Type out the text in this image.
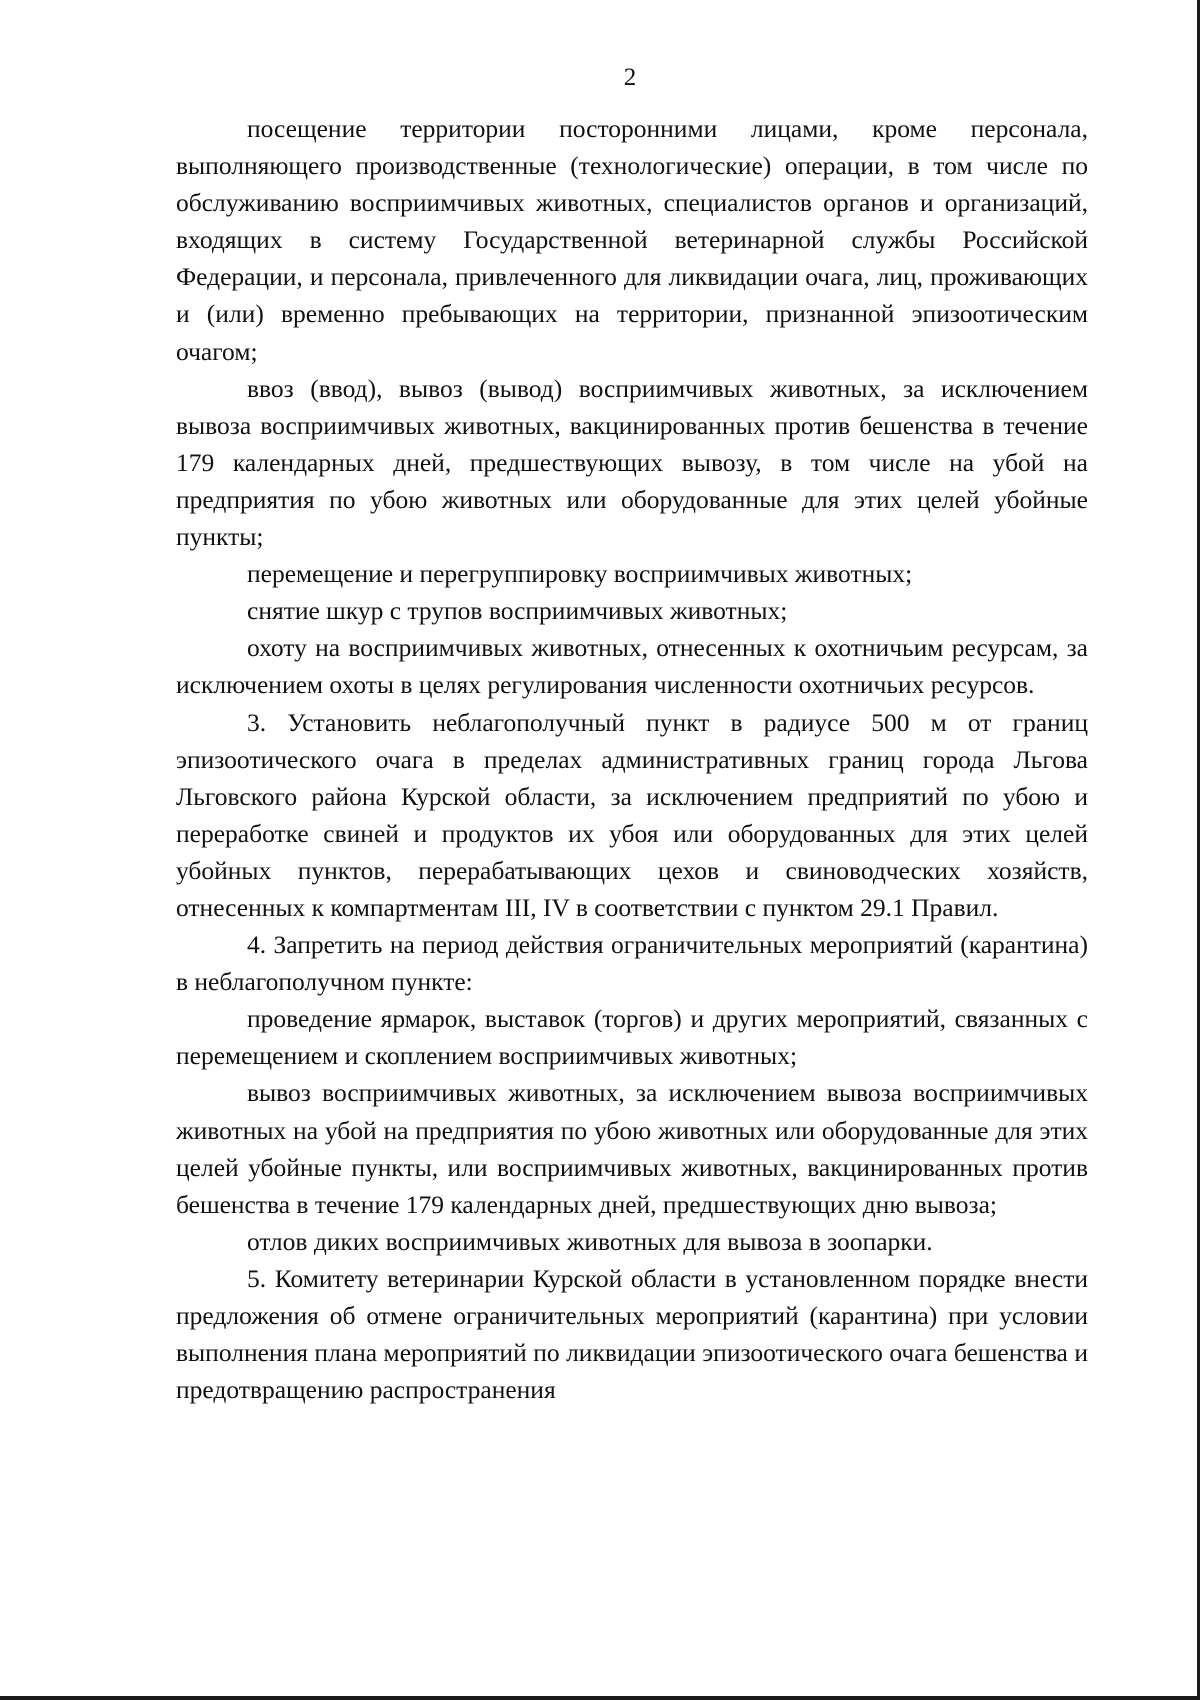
2

посещение территории посторонними лицами, кроме персонала, выполняющего производственные (технологические) операции, в том числе по обслуживанию восприимчивых животных, специалистов органов и организаций, входящих в систему Государственной ветеринарной службы Российской Федерации, и персонала, привлеченного для ликвидации очага, лиц, проживающих и (или) временно пребывающих на территории, признанной эпизоотическим очагом;

ввоз (ввод), вывоз (вывод) восприимчивых животных, за исключением вывоза восприимчивых животных, вакцинированных против бешенства в течение 179 календарных дней, предшествующих вывозу, в том числе на убой на предприятия по убою животных или оборудованные для этих целей убойные пункты;

перемещение и перегруппировку восприимчивых животных;

снятие шкур с трупов восприимчивых животных;

охоту на восприимчивых животных, отнесенных к охотничьим ресурсам, за исключением охоты в целях регулирования численности охотничьих ресурсов.

3. Установить неблагополучный пункт в радиусе 500 м от границ эпизоотического очага в пределах административных границ города Льгова Льговского района Курской области, за исключением предприятий по убою и переработке свиней и продуктов их убоя или оборудованных для этих целей убойных пунктов, перерабатывающих цехов и свиноводческих хозяйств, отнесенных к компартментам III, IV в соответствии с пунктом 29.1 Правил.

4. Запретить на период действия ограничительных мероприятий (карантина) в неблагополучном пункте:

проведение ярмарок, выставок (торгов) и других мероприятий, связанных с перемещением и скоплением восприимчивых животных;

вывоз восприимчивых животных, за исключением вывоза восприимчивых животных на убой на предприятия по убою животных или оборудованные для этих целей убойные пункты, или восприимчивых животных, вакцинированных против бешенства в течение 179 календарных дней, предшествующих дню вывоза;

отлов диких восприимчивых животных для вывоза в зоопарки.

5. Комитету ветеринарии Курской области в установленном порядке внести предложения об отмене ограничительных мероприятий (карантина) при условии выполнения плана мероприятий по ликвидации эпизоотического очага бешенства и предотвращению распространения
